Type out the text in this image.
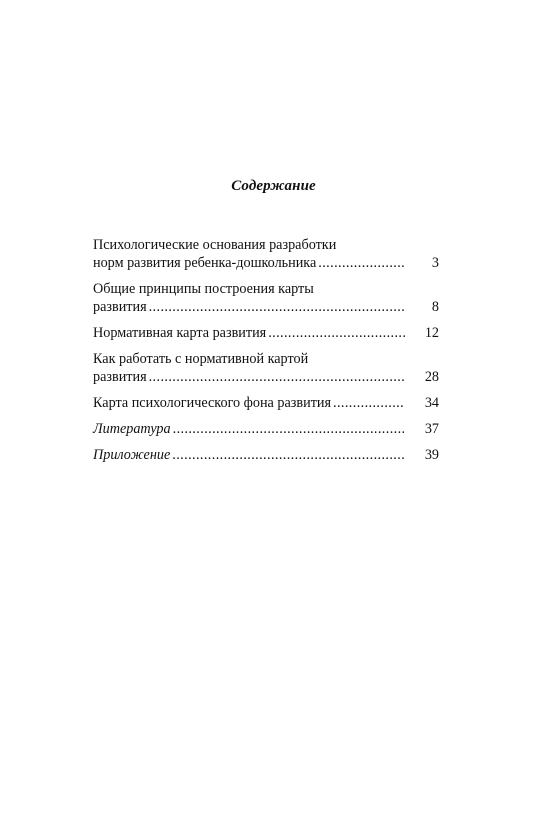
Содержание
Психологические основания разработки
норм развития ребенка-дошкольника .....	3
Общие принципы построения карты
развития .....	8
Нормативная карта развития .....	12
Как работать с нормативной картой
развития .....	28
Карта психологического фона развития .....	34
Литература .....	37
Приложение .....	39
